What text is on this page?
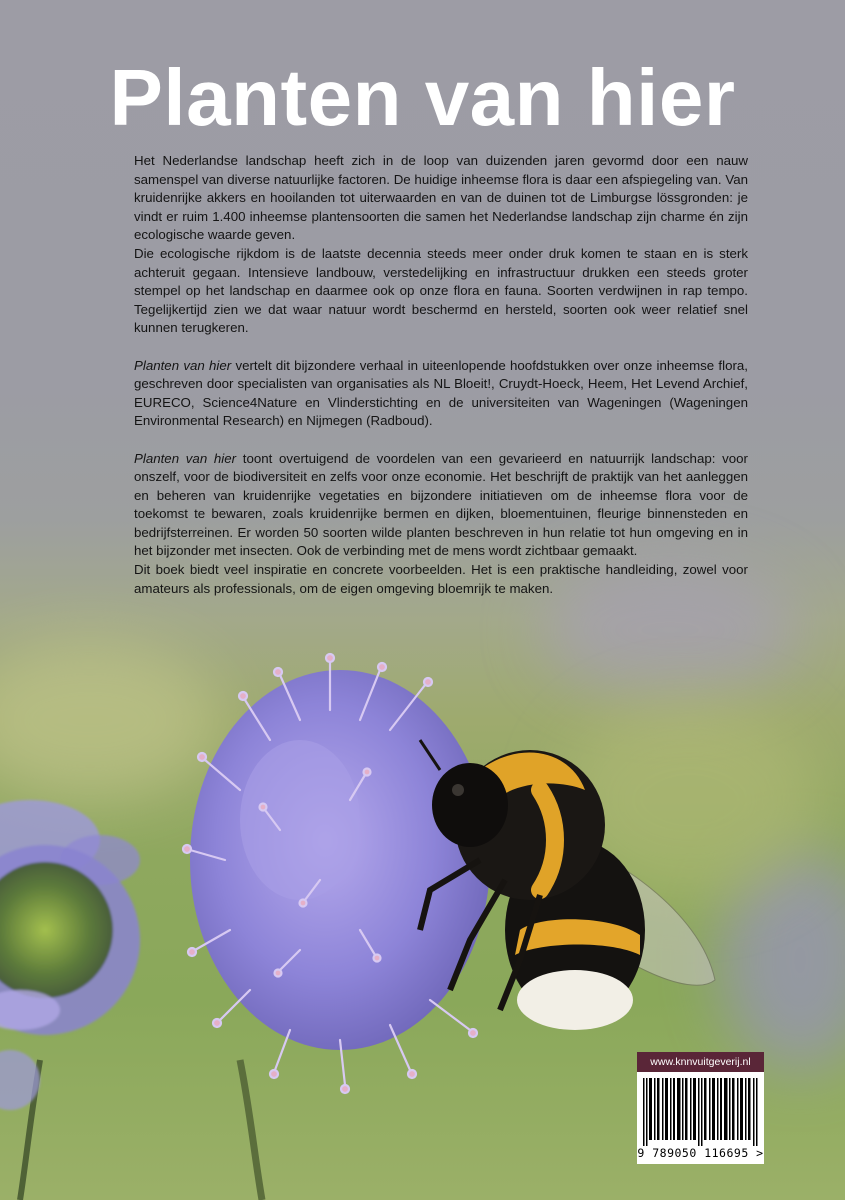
Planten van hier

Het Nederlandse landschap heeft zich in de loop van duizenden jaren gevormd door een nauw samenspel van diverse natuurlijke factoren. De huidige inheemse flora is daar een afspiegeling van. Van kruidenrijke akkers en hooilanden tot uiterwaarden en van de duinen tot de Limburgse lössgronden: je vindt er ruim 1.400 inheemse plantensoorten die samen het Nederlandse landschap zijn charme én zijn ecologische waarde geven.

Die ecologische rijkdom is de laatste decennia steeds meer onder druk komen te staan en is sterk achteruit gegaan. Intensieve landbouw, verstedelijking en infrastructuur drukken een steeds groter stempel op het landschap en daarmee ook op onze flora en fauna. Soorten verdwijnen in rap tempo. Tegelijkertijd zien we dat waar natuur wordt beschermd en hersteld, soorten ook weer relatief snel kunnen terugkeren.

Planten van hier vertelt dit bijzondere verhaal in uiteenlopende hoofdstukken over onze inheemse flora, geschreven door specialisten van organisaties als NL Bloeit!, Cruydt-Hoeck, Heem, Het Levend Archief, EURECO, Science4Nature en Vlinderstichting en de universiteiten van Wageningen (Wageningen Environmental Research) en Nijmegen (Radboud).

Planten van hier toont overtuigend de voordelen van een gevarieerd en natuurrijk landschap: voor onszelf, voor de biodiversiteit en zelfs voor onze economie. Het beschrijft de praktijk van het aanleggen en beheren van kruidenrijke vegetaties en bijzondere initiatieven om de inheemse flora voor de toekomst te bewaren, zoals kruidenrijke bermen en dijken, bloementuinen, fleurige binnensteden en bedrijfsterreinen. Er worden 50 soorten wilde planten beschreven in hun relatie tot hun omgeving en in het bijzonder met insecten. Ook de verbinding met de mens wordt zichtbaar gemaakt.

Dit boek biedt veel inspiratie en concrete voorbeelden. Het is een praktische handleiding, zowel voor amateurs als professionals, om de eigen omgeving bloemrijk te maken.

www.knnvuitgeverij.nl
9 789050 116695 >
